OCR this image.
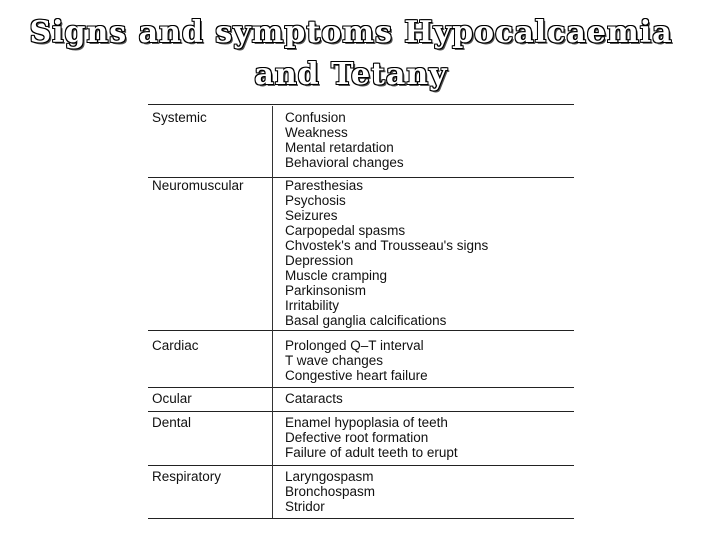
Signs and symptoms Hypocalcaemia
and Tetany
Systemic	Confusion
Weakness
Mental retardation
Behavioral changes
Neuromuscular	Paresthesias
Psychosis
Seizures
Carpopedal spasms
Chvostek's and Trousseau's signs
Depression
Muscle cramping
Parkinsonism
Irritability
Basal ganglia calcifications
Cardiac	Prolonged Q–T interval
T wave changes
Congestive heart failure
Ocular	Cataracts
Dental	Enamel hypoplasia of teeth
Defective root formation
Failure of adult teeth to erupt
Respiratory	Laryngospasm
Bronchospasm
Stridor
